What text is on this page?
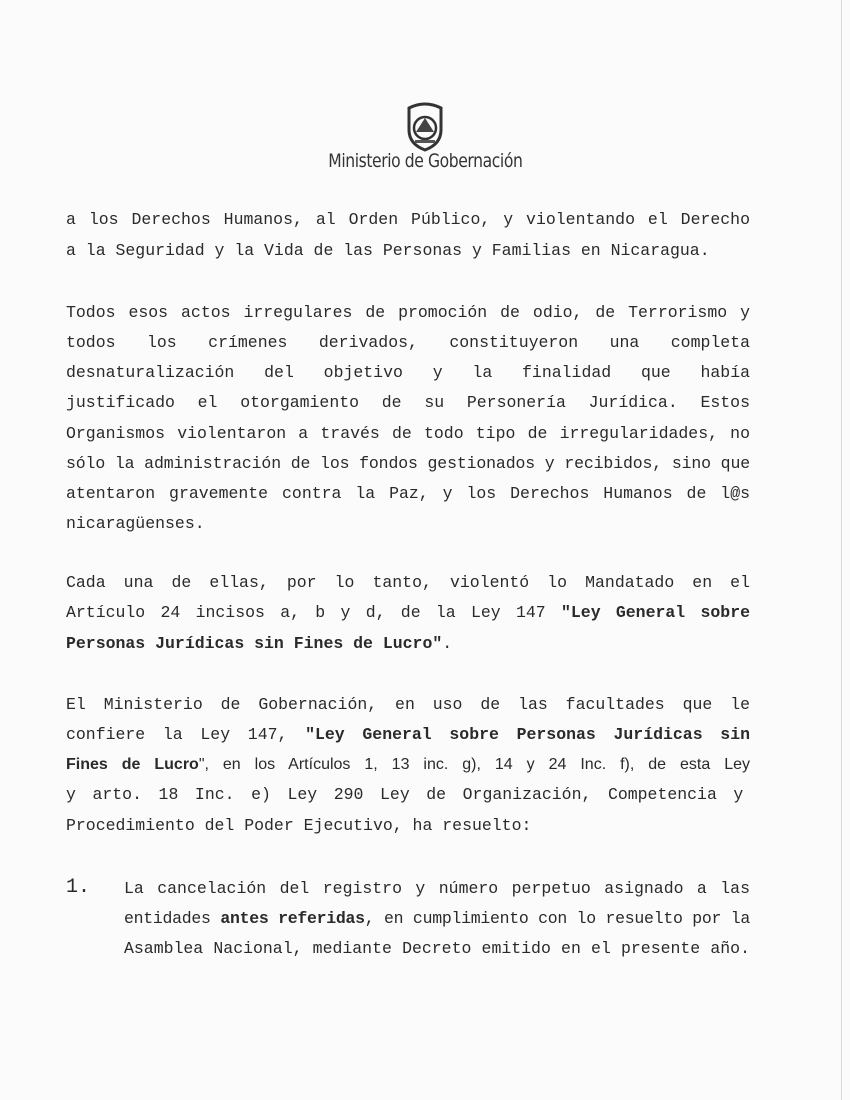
Ministerio de Gobernación
a los Derechos Humanos, al Orden Público, y violentando el Derecho
a la Seguridad y la Vida de las Personas y Familias en Nicaragua.
Todos esos actos irregulares de promoción de odio, de Terrorismo y
todos los crímenes derivados, constituyeron una completa
desnaturalización del objetivo y la finalidad que había
justificado el otorgamiento de su Personería Jurídica. Estos
Organismos violentaron a través de todo tipo de irregularidades, no
sólo la administración de los fondos gestionados y recibidos, sino que
atentaron gravemente contra la Paz, y los Derechos Humanos de l@s
nicaragüenses.
Cada una de ellas, por lo tanto, violentó lo Mandatado en el
Artículo 24 incisos a, b y d, de la Ley 147 "Ley General sobre
Personas Jurídicas sin Fines de Lucro".
El Ministerio de Gobernación, en uso de las facultades que le
confiere la Ley 147, "Ley General sobre Personas Jurídicas sin
Fines de Lucro", en los Artículos 1, 13 inc. g), 14 y 24 Inc. f), de esta Ley
y arto. 18 Inc. e) Ley 290 Ley de Organización, Competencia y
Procedimiento del Poder Ejecutivo, ha resuelto:
La cancelación del registro y número perpetuo asignado a las
entidades antes referidas, en cumplimiento con lo resuelto por la
Asamblea Nacional, mediante Decreto emitido en el presente año.
1.
